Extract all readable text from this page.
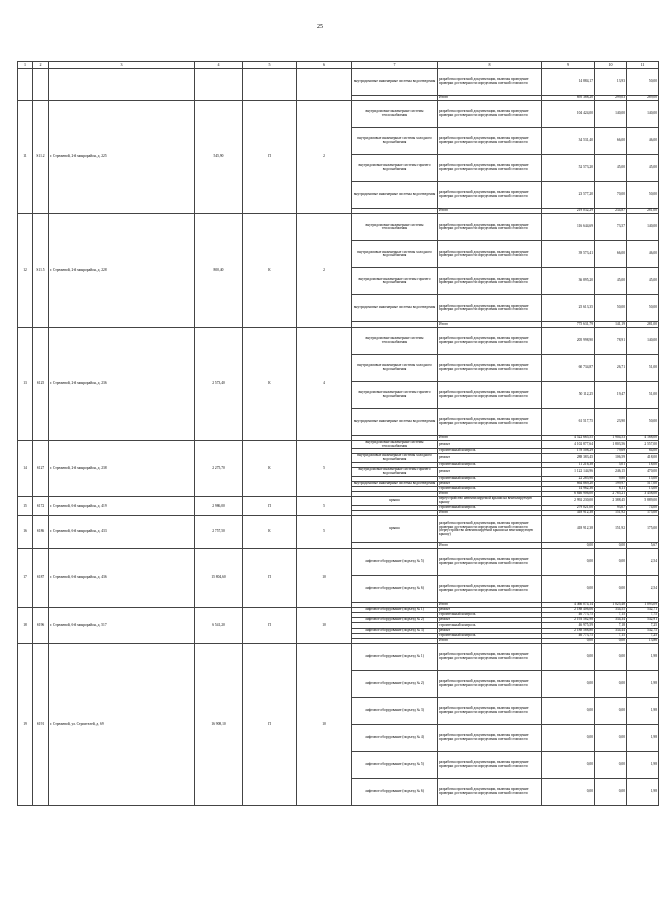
25
1	2	3	4	5	6	7	8	9	10	11
						внутридомовые инженерные системы водоотведения	разработка проектной документации, включая проведение проверки достоверности определения сметной стоимости	14 884,17	13,93	50,00
							Итого	695 388,20	299,03	289,00
11	S11.2	г. Стрежевой, 2-й микрорайон, д. 225	545,90	П	2	внутридомовые инженерные системы теплоснабжения	разработка проектной документации, включая проведение проверки достоверности определения сметной стоимости	104 424,00	140,00	140,00
						внутридомовые инженерные системы холодного водоснабжения	разработка проектной документации, включая проведение проверки достоверности определения сметной стоимости	34 531,40	66,00	46,00
						внутридомовые инженерные системы горячего водоснабжения	разработка проектной документации, включая проведение проверки достоверности определения сметной стоимости	52 573,20	45,00	45,00
						внутридомовые инженерные системы водоотведения	разработка проектной документации, включая проведение проверки достоверности определения сметной стоимости	23 577,20	70,00	50,00
							Итого	219 032,29	234,87	281,00
12	S11.5	г. Стрежевой, 2-й микрорайон, д. 228	800,40	К	2	внутридомовые инженерные системы теплоснабжения	разработка проектной документации, включая проведение проверки достоверности определения сметной стоимости	116 644,69	73,57	140,00
						внутридомовые инженерные системы холодного водоснабжения	разработка проектной документации, включая проведение проверки достоверности определения сметной стоимости	39 573,41	66,00	46,00
						внутридомовые инженерные системы горячего водоснабжения	разработка проектной документации, включая проведение проверки достоверности определения сметной стоимости	36 895,20	45,00	45,00
						внутридомовые инженерные системы водоотведения	разработка проектной документации, включая проведение проверки достоверности определения сметной стоимости	25 613,35	50,00	50,00
							Итого	775 631,79	141,19	281,00
13	S125	г. Стрежевой, 2-й микрорайон, д. 236	2 573,40	К	4	внутридомовые инженерные системы теплоснабжения	разработка проектной документации, включая проведение проверки достоверности определения сметной стоимости	205 998,90	78,91	140,00
						внутридомовые инженерные системы холодного водоснабжения	разработка проектной документации, включая проведение проверки достоверности определения сметной стоимости	60 734,87	26,71	51,00
						внутридомовые инженерные системы горячего водоснабжения	разработка проектной документации, включая проведение проверки достоверности определения сметной стоимости	50 112,25	19,47	51,00
						внутридомовые инженерные системы водоотведения	разработка проектной документации, включая проведение проверки достоверности определения сметной стоимости	61 517,75	23,90	50,00
							Итого	4 522 665,55	1 904,53	4 168,00
14	S127	г. Стрежевой, 2-й микрорайон, д. 238	2 275,70	К	5	внутридомовые инженерные системы теплоснабжения	ремонт	4 102 877,64	1 803,56	2 557,00
							строительный контроль	178 508,29	79,69	84,00
						внутридомовые инженерные системы холодного водоснабжения	ремонт	288 383,45	106,59	418,00
							строительный контроль	11 216,38	5,01	18,00
						внутридомовые инженерные системы горячего водоснабжения	ремонт	1 122 144,96	246,15	470,00
							строительный контроль	22 285,96	9,80	15,00
						внутридомовые инженерные системы водоотведения	ремонт	664 869,20	199,97	517,00
							строительный контроль	14 962,36	6,11	13,00
							Итого	6 846 906,00	2 785,21	3 458,00
15	S172	г. Стрежевой, 6-й микрорайон, д. 419	2 986,00	П	5	крыша	переустройство невентилируемой крыши на вентилируемую крышу	2 992 230,00	2 388,45	5 889,00
							строительный контроль	279 021,00	93,07	74,00
							Итого	418 912,38	151,92	175,00
16	S186	г. Стрежевой, 6-й микрорайон, д. 433	2 757,50	К	5	крыша	разработка проектной документации, включая проведение проверки достоверности определения сметной стоимости (переустройство невентилируемой крыши на вентилируемую крышу)	418 912,38	151,92	175,00
							Итого	0,00	0,00	5,67
17	S187	г. Стрежевой, 6-й микрорайон, д. 436	15 804,60	П	10	лифтовое оборудование (подъезд № 5)	разработка проектной документации, включая проведение проверки достоверности определения сметной стоимости	0,00	0,00	2,54
						лифтовое оборудование (подъезд № 6)	разработка проектной документации, включая проведение проверки достоверности определения сметной стоимости	0,00	0,00	2,54
							Итого	4 466 074,14	1 025,48	1 093,09
18	S196	г. Стрежевой, 6-й микрорайон, д. 517	6 541,20	П	10	лифтовое оборудование (подъезд № 1)	ремонт	2 188 406,06	334,55	542,71
							строительный контроль	46 773,75	7,15	7,75
						лифтовое оборудование (подъезд № 2)	ремонт	2 193 582,98	334,34	542,91
							строительный контроль	46 975,59	7,18	7,25
						лифтовое оборудование (подъезд № 3)	ремонт	2 188 588,80	334,44	542,75
							строительный контроль	46 773,75	7,15	7,25
							Итого	0,00	0,00	13,86
19	S191	г. Стрежевой, ул. Строителей, д. 69	16 908,10	П	10	лифтовое оборудование (подъезд № 1)	разработка проектной документации, включая проведение проверки достоверности определения сметной стоимости	0,00	0,00	1,98
						лифтовое оборудование (подъезд № 2)	разработка проектной документации, включая проведение проверки достоверности определения сметной стоимости	0,00	0,00	1,98
						лифтовое оборудование (подъезд № 3)	разработка проектной документации, включая проведение проверки достоверности определения сметной стоимости	0,00	0,00	1,98
						лифтовое оборудование (подъезд № 4)	разработка проектной документации, включая проведение проверки достоверности определения сметной стоимости	0,00	0,00	1,98
						лифтовое оборудование (подъезд № 5)	разработка проектной документации, включая проведение проверки достоверности определения сметной стоимости	0,00	0,00	1,98
						лифтовое оборудование (подъезд № 6)	разработка проектной документации, включая проведение проверки достоверности определения сметной стоимости	0,00	0,00	1,98
